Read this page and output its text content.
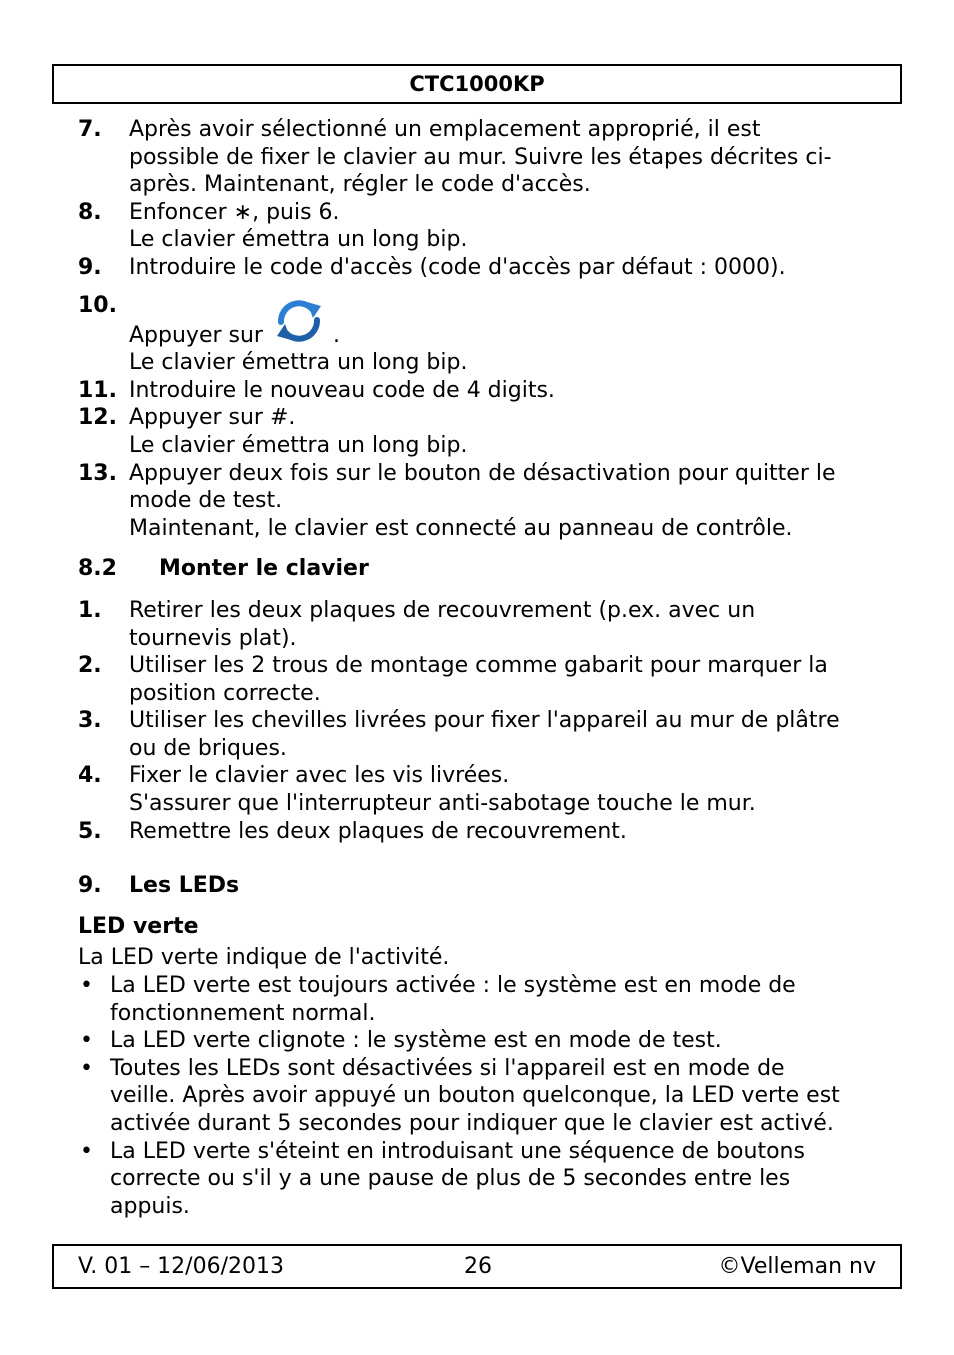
CTC1000KP
7.	Après avoir sélectionné un emplacement approprié, il est
possible de fixer le clavier au mur. Suivre les étapes décrites ci-
après. Maintenant, régler le code d'accès.
8.	Enfoncer ∗, puis 6.
Le clavier émettra un long bip.
9.	Introduire le code d'accès (code d'accès par défaut : 0000).
10.
Appuyer sur	.
Le clavier émettra un long bip.
11. Introduire le nouveau code de 4 digits.
12. Appuyer sur #.
Le clavier émettra un long bip.
13. Appuyer deux fois sur le bouton de désactivation pour quitter le
mode de test.
Maintenant, le clavier est connecté au panneau de contrôle.
8.2	Monter le clavier
1.	Retirer les deux plaques de recouvrement (p.ex. avec un
tournevis plat).
2.	Utiliser les 2 trous de montage comme gabarit pour marquer la
position correcte.
3.	Utiliser les chevilles livrées pour fixer l'appareil au mur de plâtre
ou de briques.
4.	Fixer le clavier avec les vis livrées.
S'assurer que l'interrupteur anti-sabotage touche le mur.
5.	Remettre les deux plaques de recouvrement.
9.	Les LEDs
LED verte
La LED verte indique de l'activité.
• La LED verte est toujours activée : le système est en mode de
fonctionnement normal.
• La LED verte clignote : le système est en mode de test.
• Toutes les LEDs sont désactivées si l'appareil est en mode de
veille. Après avoir appuyé un bouton quelconque, la LED verte est
activée durant 5 secondes pour indiquer que le clavier est activé.
• La LED verte s'éteint en introduisant une séquence de boutons
correcte ou s'il y a une pause de plus de 5 secondes entre les
appuis.
V. 01 – 12/06/2013	26	©Velleman nv
